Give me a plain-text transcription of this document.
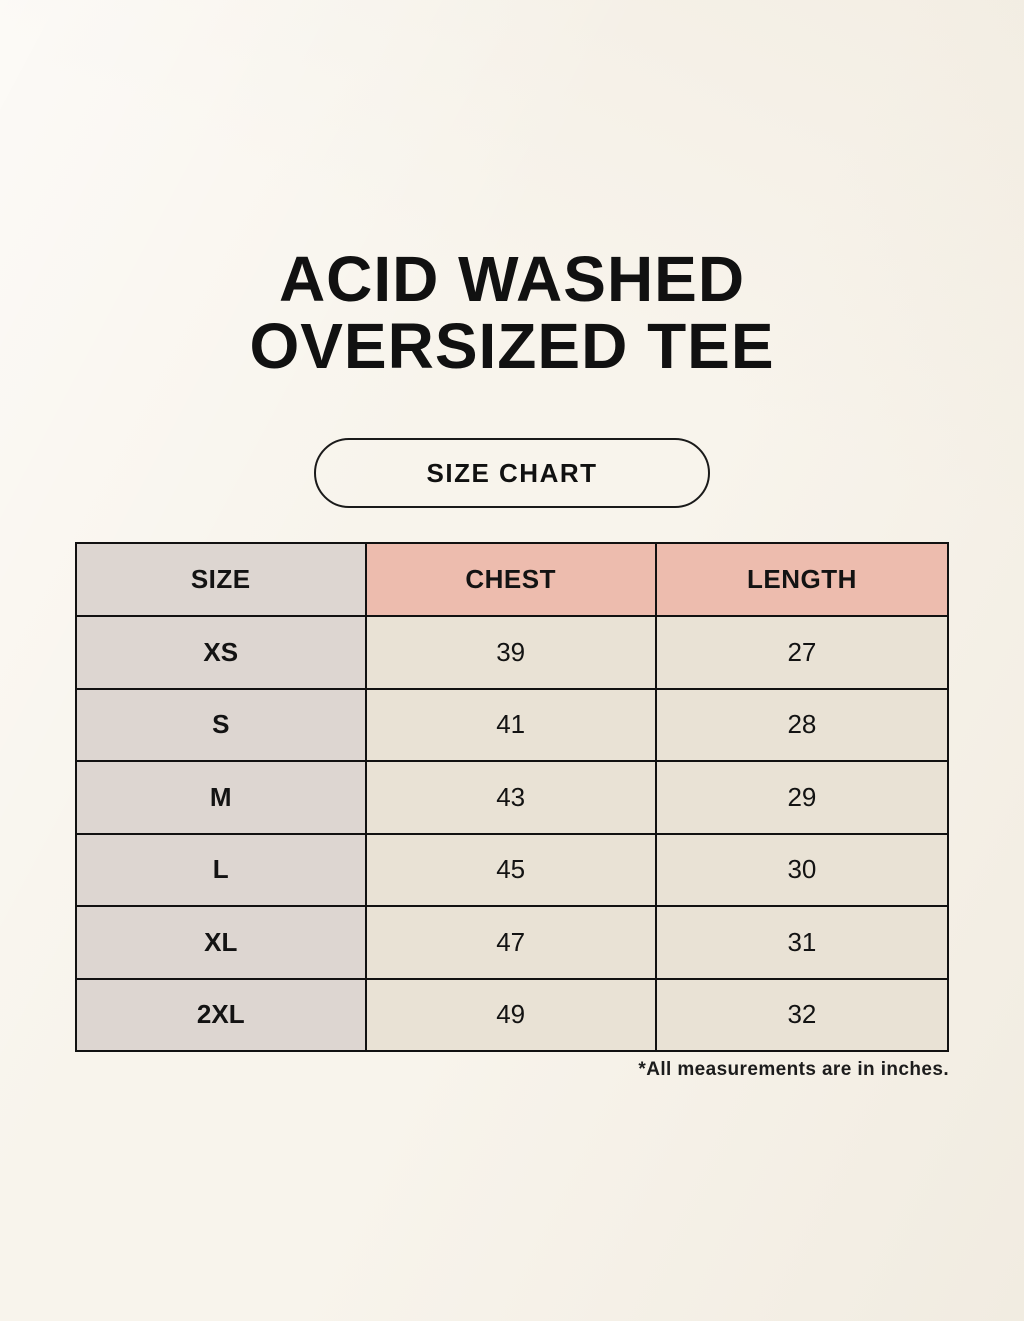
ACID WASHED
OVERSIZED TEE
SIZE CHART
SIZE	CHEST	LENGTH
XS	39	27
S	41	28
M	43	29
L	45	30
XL	47	31
2XL	49	32
*All measurements are in inches.
